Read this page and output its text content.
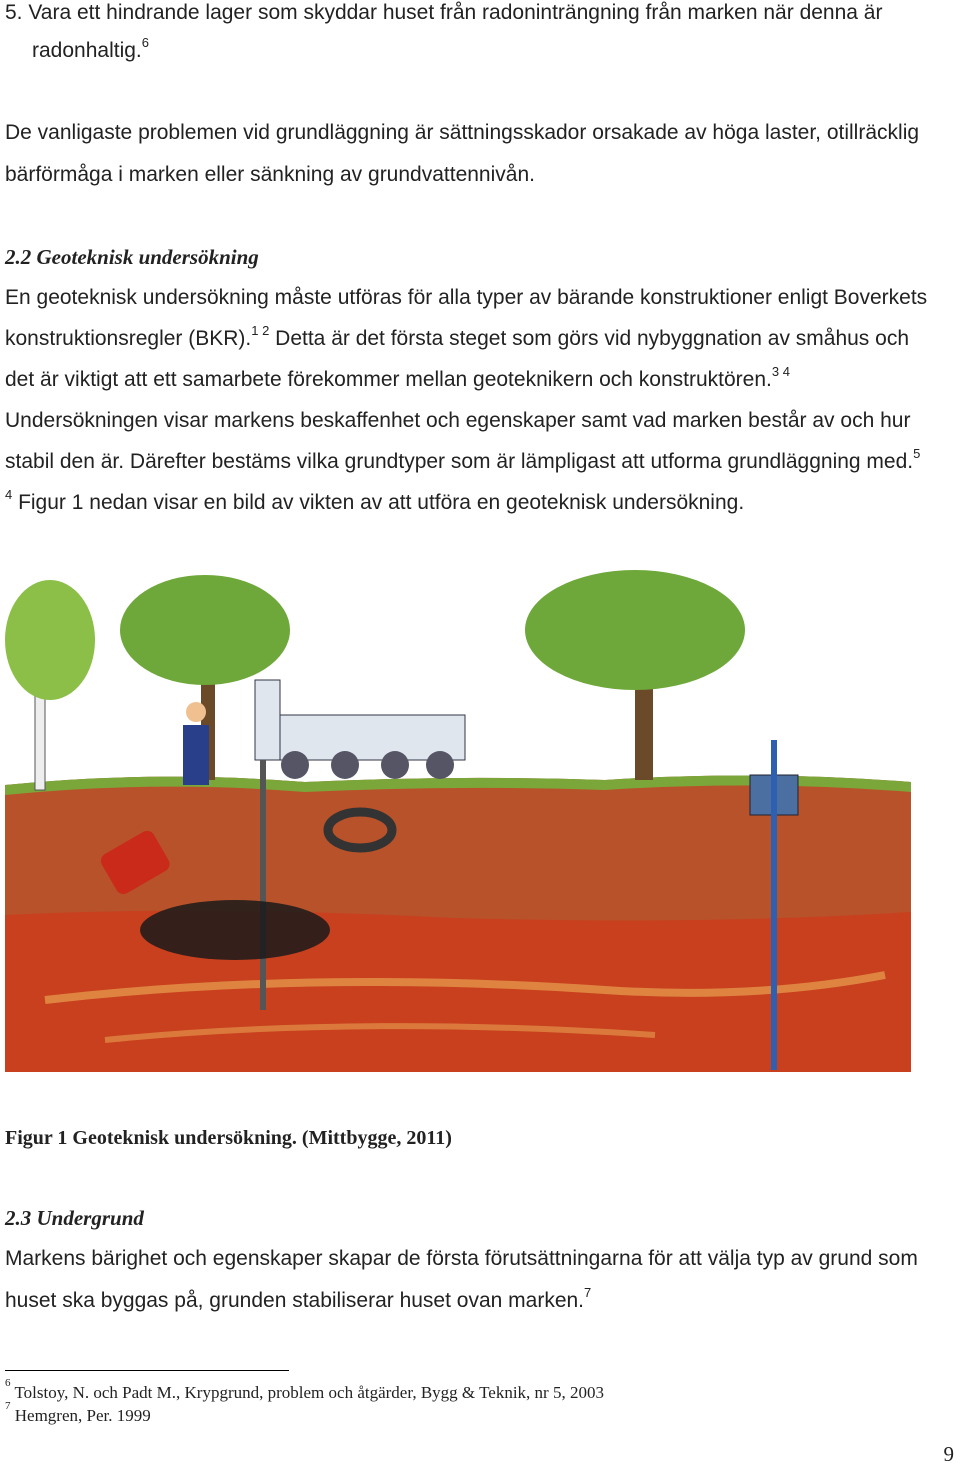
5. Vara ett hindrande lager som skyddar huset från radoninträngning från marken när denna är
radonhaltig.$^6$
De vanligaste problemen vid grundläggning är sättningsskador orsakade av höga laster, otillräcklig
bärförmåga i marken eller sänkning av grundvattennivån.
2.2 Geoteknisk undersökning
En geoteknisk undersökning måste utföras för alla typer av bärande konstruktioner enligt Boverkets
konstruktionsregler (BKR).$^{1 2}$ Detta är det första steget som görs vid nybyggnation av småhus och
det är viktigt att ett samarbete förekommer mellan geoteknikern och konstruktören.$^{3 4}$
Undersökningen visar markens beskaffenhet och egenskaper samt vad marken består av och hur
stabil den är. Därefter bestäms vilka grundtyper som är lämpligast att utforma grundläggning med.$^5$
$^4$ Figur 1 nedan visar en bild av vikten av att utföra en geoteknisk undersökning.
Figur 1 Geoteknisk undersökning. (Mittbygge, 2011)
2.3 Undergrund
Markens bärighet och egenskaper skapar de första förutsättningarna för att välja typ av grund som
huset ska byggas på, grunden stabiliserar huset ovan marken.$^7$
$^6$ Tolstoy, N. och Padt M., Krypgrund, problem och åtgärder, Bygg & Teknik, nr 5, 2003
$^7$ Hemgren, Per. 1999
9
